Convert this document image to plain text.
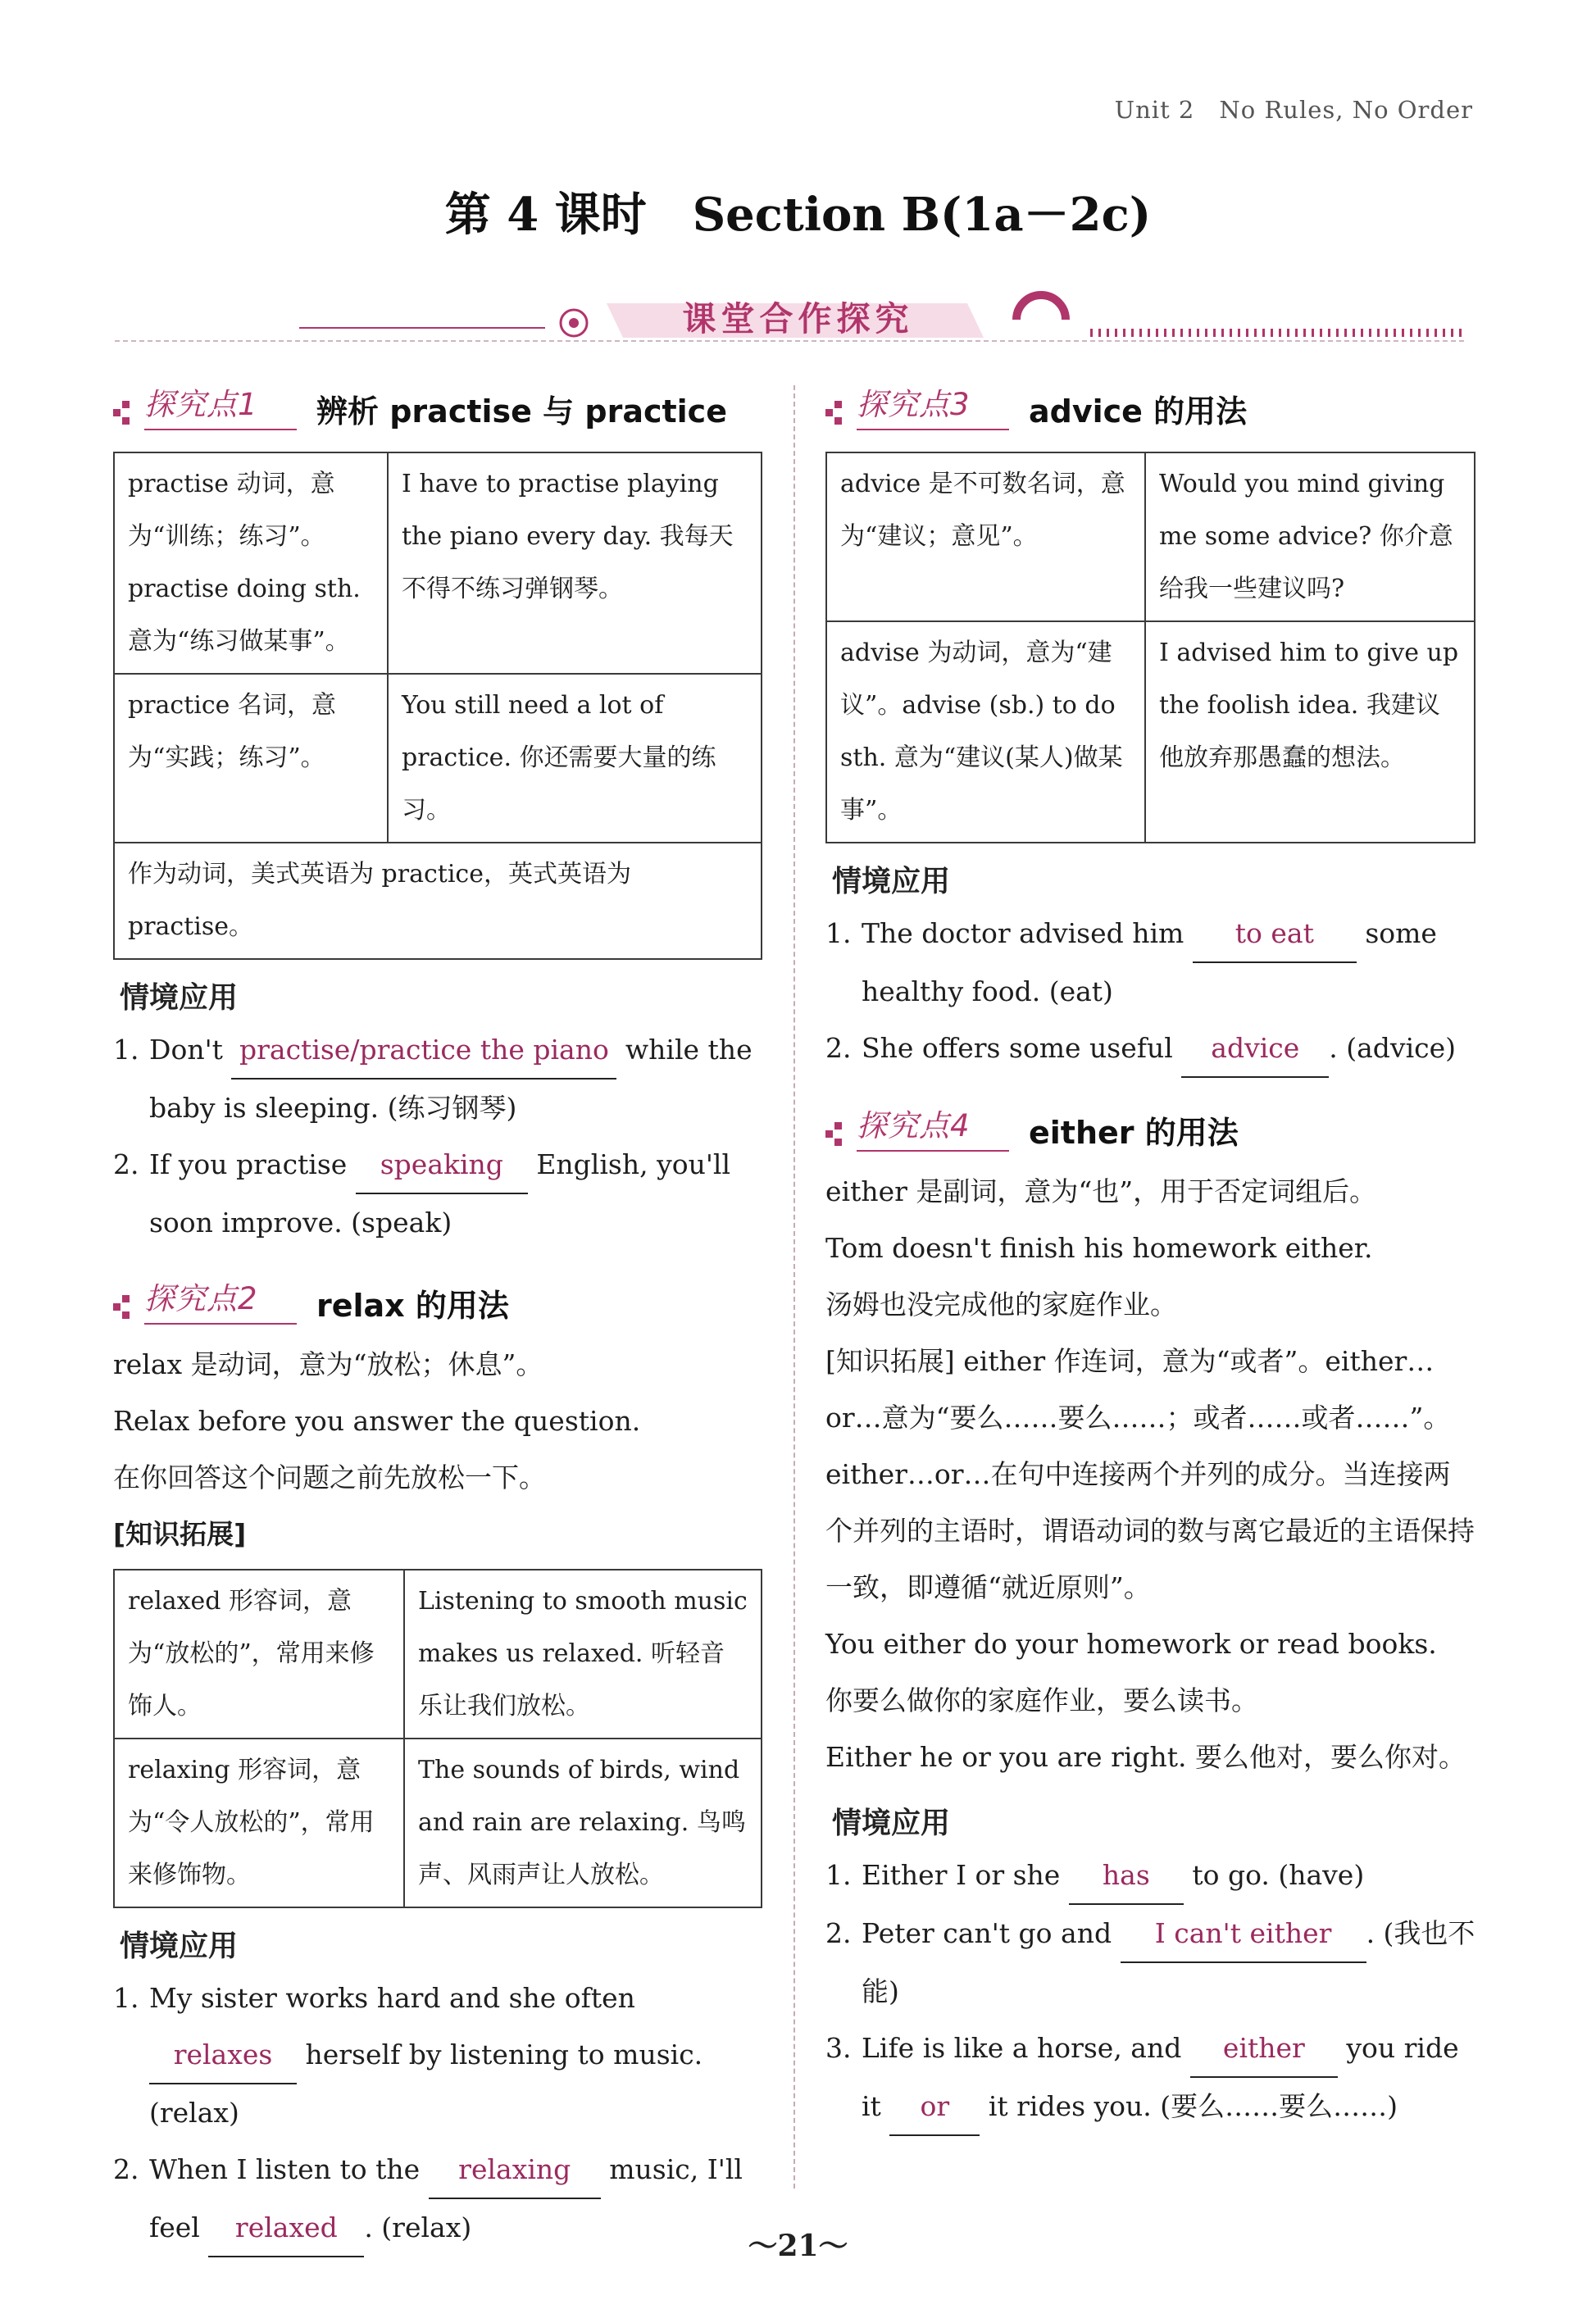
Unit 2　No Rules, No Order
第 4 课时　Section B(1a－2c)
课堂合作探究
探究点1 辨析 practise 与 practice
practise 动词，意为“训练；练习”。practise doing sth. 意为“练习做某事”。	I have to practise playing the piano every day. 我每天不得不练习弹钢琴。
practice 名词，意为“实践；练习”。	You still need a lot of practice. 你还需要大量的练习。
作为动词，美式英语为 practice，英式英语为 practise。	
情境应用
1. Don't practise/practice the piano while the baby is sleeping. (练习钢琴)
2. If you practise speaking English, you'll soon improve. (speak)
探究点2 relax 的用法

relax 是动词，意为“放松；休息”。

Relax before you answer the question.

在你回答这个问题之前先放松一下。

[知识拓展]

relaxed 形容词，意为“放松的”，常用来修饰人。	Listening to smooth music makes us relaxed. 听轻音乐让我们放松。
relaxing 形容词，意为“令人放松的”，常用来修饰物。	The sounds of birds, wind and rain are relaxing. 鸟鸣声、风雨声让人放松。
情境应用
1. My sister works hard and she often relaxes herself by listening to music. (relax)
2. When I listen to the relaxing music, I'll feel relaxed . (relax)
探究点3 advice 的用法
advice 是不可数名词，意为“建议；意见”。	Would you mind giving me some advice? 你介意给我一些建议吗?
advise 为动词，意为“建议”。advise (sb.) to do sth. 意为“建议(某人)做某事”。	I advised him to give up the foolish idea. 我建议他放弃那愚蠢的想法。
情境应用
1. The doctor advised him to eat some healthy food. (eat)
2. She offers some useful advice . (advice)
探究点4 either 的用法

either 是副词，意为“也”，用于否定词组后。

Tom doesn't finish his homework either.

汤姆也没完成他的家庭作业。

[知识拓展] either 作连词，意为“或者”。either…or…意为“要么……要么……；或者……或者……”。either…or…在句中连接两个并列的成分。当连接两个并列的主语时，谓语动词的数与离它最近的主语保持一致，即遵循“就近原则”。

You either do your homework or read books.

你要么做你的家庭作业，要么读书。

Either he or you are right. 要么他对，要么你对。

情境应用
1. Either I or she has to go. (have)
2. Peter can't go and I can't either . (我也不能)
3. Life is like a horse, and either you ride it or it rides you. (要么……要么……)
～21～
